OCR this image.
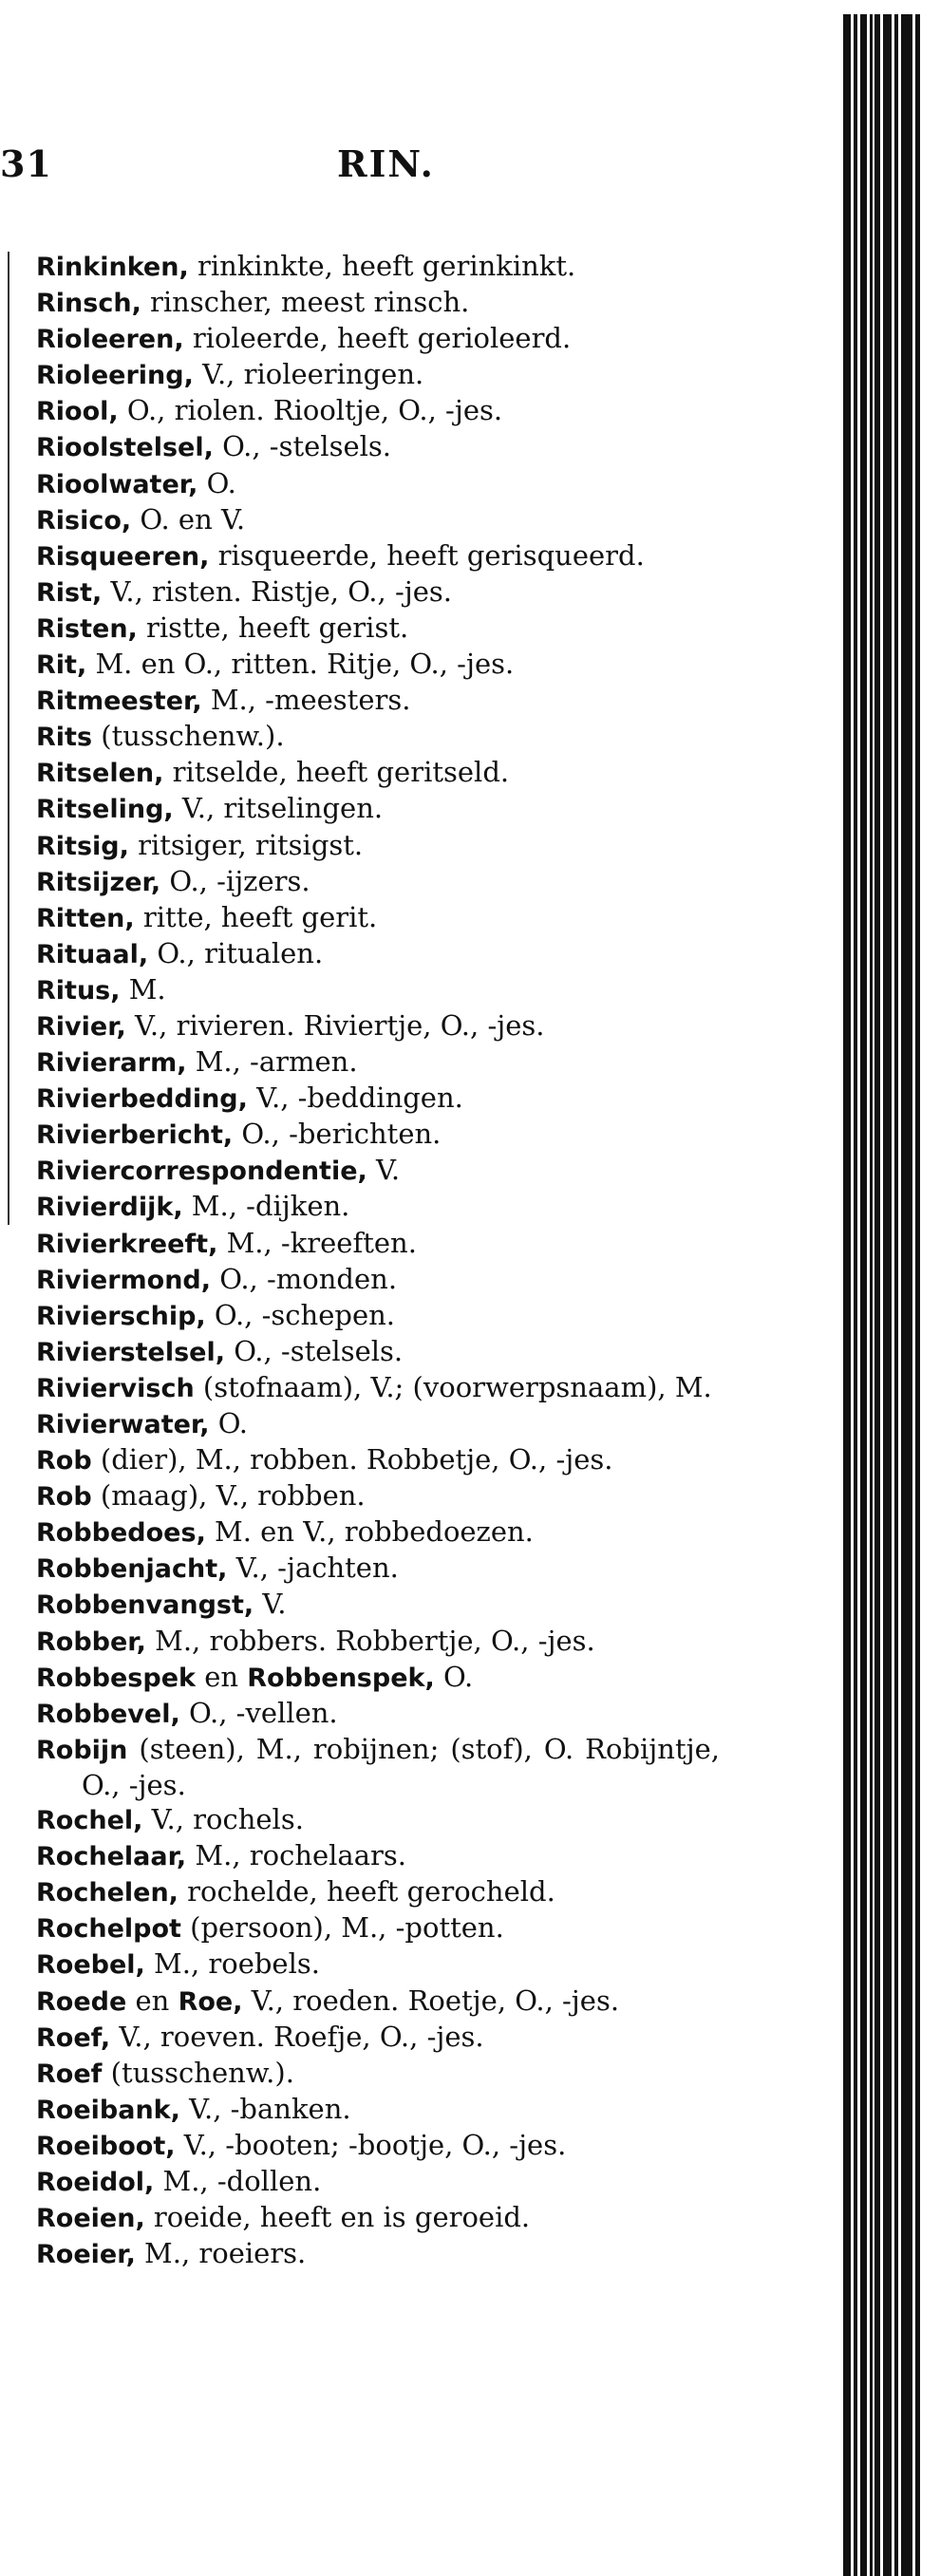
31	RIN.

Rinkinken, rinkinkte, heeft gerinkinkt.

Rinsch, rinscher, meest rinsch.

Rioleeren, rioleerde, heeft gerioleerd.

Rioleering, V., rioleeringen.

Riool, O., riolen. Riooltje, O., -jes.

Rioolstelsel, O., -stelsels.

Rioolwater, O.

Risico, O. en V.

Risqueeren, risqueerde, heeft gerisqueerd.

Rist, V., risten. Ristje, O., -jes.

Risten, ristte, heeft gerist.

Rit, M. en O., ritten. Ritje, O., -jes.

Ritmeester, M., -meesters.

Rits (tusschenw.).

Ritselen, ritselde, heeft geritseld.

Ritseling, V., ritselingen.

Ritsig, ritsiger, ritsigst.

Ritsijzer, O., -ijzers.

Ritten, ritte, heeft gerit.

Rituaal, O., ritualen.

Ritus, M.

Rivier, V., rivieren. Riviertje, O., -jes.

Rivierarm, M., -armen.

Rivierbedding, V., -beddingen.

Rivierbericht, O., -berichten.

Riviercorrespondentie, V.

Rivierdijk, M., -dijken.

Rivierkreeft, M., -kreeften.

Riviermond, O., -monden.

Rivierschip, O., -schepen.

Rivierstelsel, O., -stelsels.

Riviervisch (stofnaam), V.; (voorwerpsnaam), M.

Rivierwater, O.

Rob (dier), M., robben. Robbetje, O., -jes.

Rob (maag), V., robben.

Robbedoes, M. en V., robbedoezen.

Robbenjacht, V., -jachten.

Robbenvangst, V.

Robber, M., robbers. Robbertje, O., -jes.

Robbespek en Robbenspek, O.

Robbevel, O., -vellen.

Robijn (steen), M., robijnen; (stof), O. Robijntje, O., -jes.

Rochel, V., rochels.

Rochelaar, M., rochelaars.

Rochelen, rochelde, heeft gerocheld.

Rochelpot (persoon), M., -potten.

Roebel, M., roebels.

Roede en Roe, V., roeden. Roetje, O., -jes.

Roef, V., roeven. Roefje, O., -jes.

Roef (tusschenw.).

Roeibank, V., -banken.

Roeiboot, V., -booten; -bootje, O., -jes.

Roeidol, M., -dollen.

Roeien, roeide, heeft en is geroeid.

Roeier, M., roeiers.
